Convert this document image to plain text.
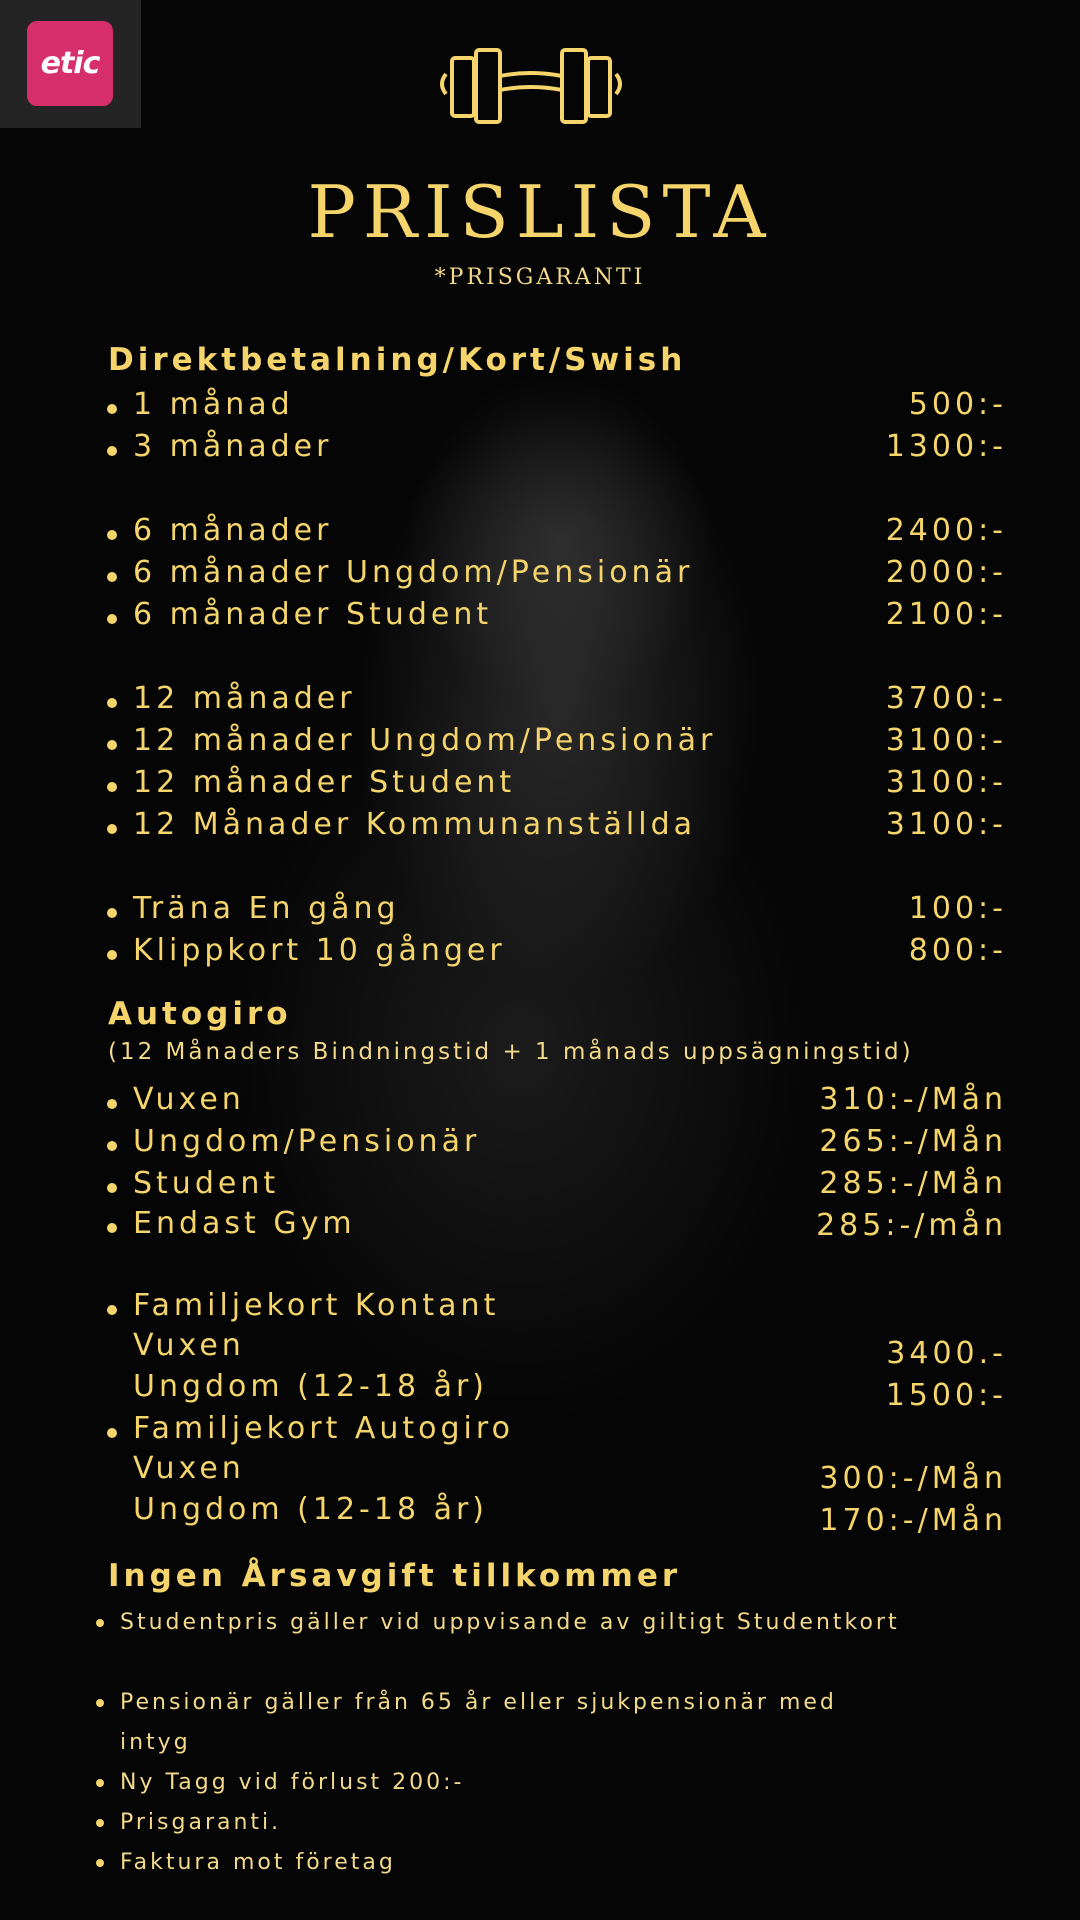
etic
PRISLISTA
*PRISGARANTI
Direktbetalning/Kort/Swish
1 månad	500:-
3 månader	1300:-
6 månader	2400:-
6 månader Ungdom/Pensionär	2000:-
6 månader Student	2100:-
12 månader	3700:-
12 månader Ungdom/Pensionär	3100:-
12 månader Student	3100:-
12 Månader Kommunanställda	3100:-
Träna En gång	100:-
Klippkort 10 gånger	800:-
Autogiro
(12 Månaders Bindningstid + 1 månads uppsägningstid)
Vuxen	310:-/Mån
Ungdom/Pensionär	265:-/Mån
Student	285:-/Mån
Endast Gym	285:-/mån
Familjekort Kontant
Vuxen	3400.-
Ungdom (12-18 år)	1500:-
Familjekort Autogiro
Vuxen	300:-/Mån
Ungdom (12-18 år)	170:-/Mån
Ingen Årsavgift tillkommer
Studentpris gäller vid uppvisande av giltigt Studentkort
Pensionär gäller från 65 år eller sjukpensionär med intyg
Ny Tagg vid förlust 200:-
Prisgaranti.
Faktura mot företag
